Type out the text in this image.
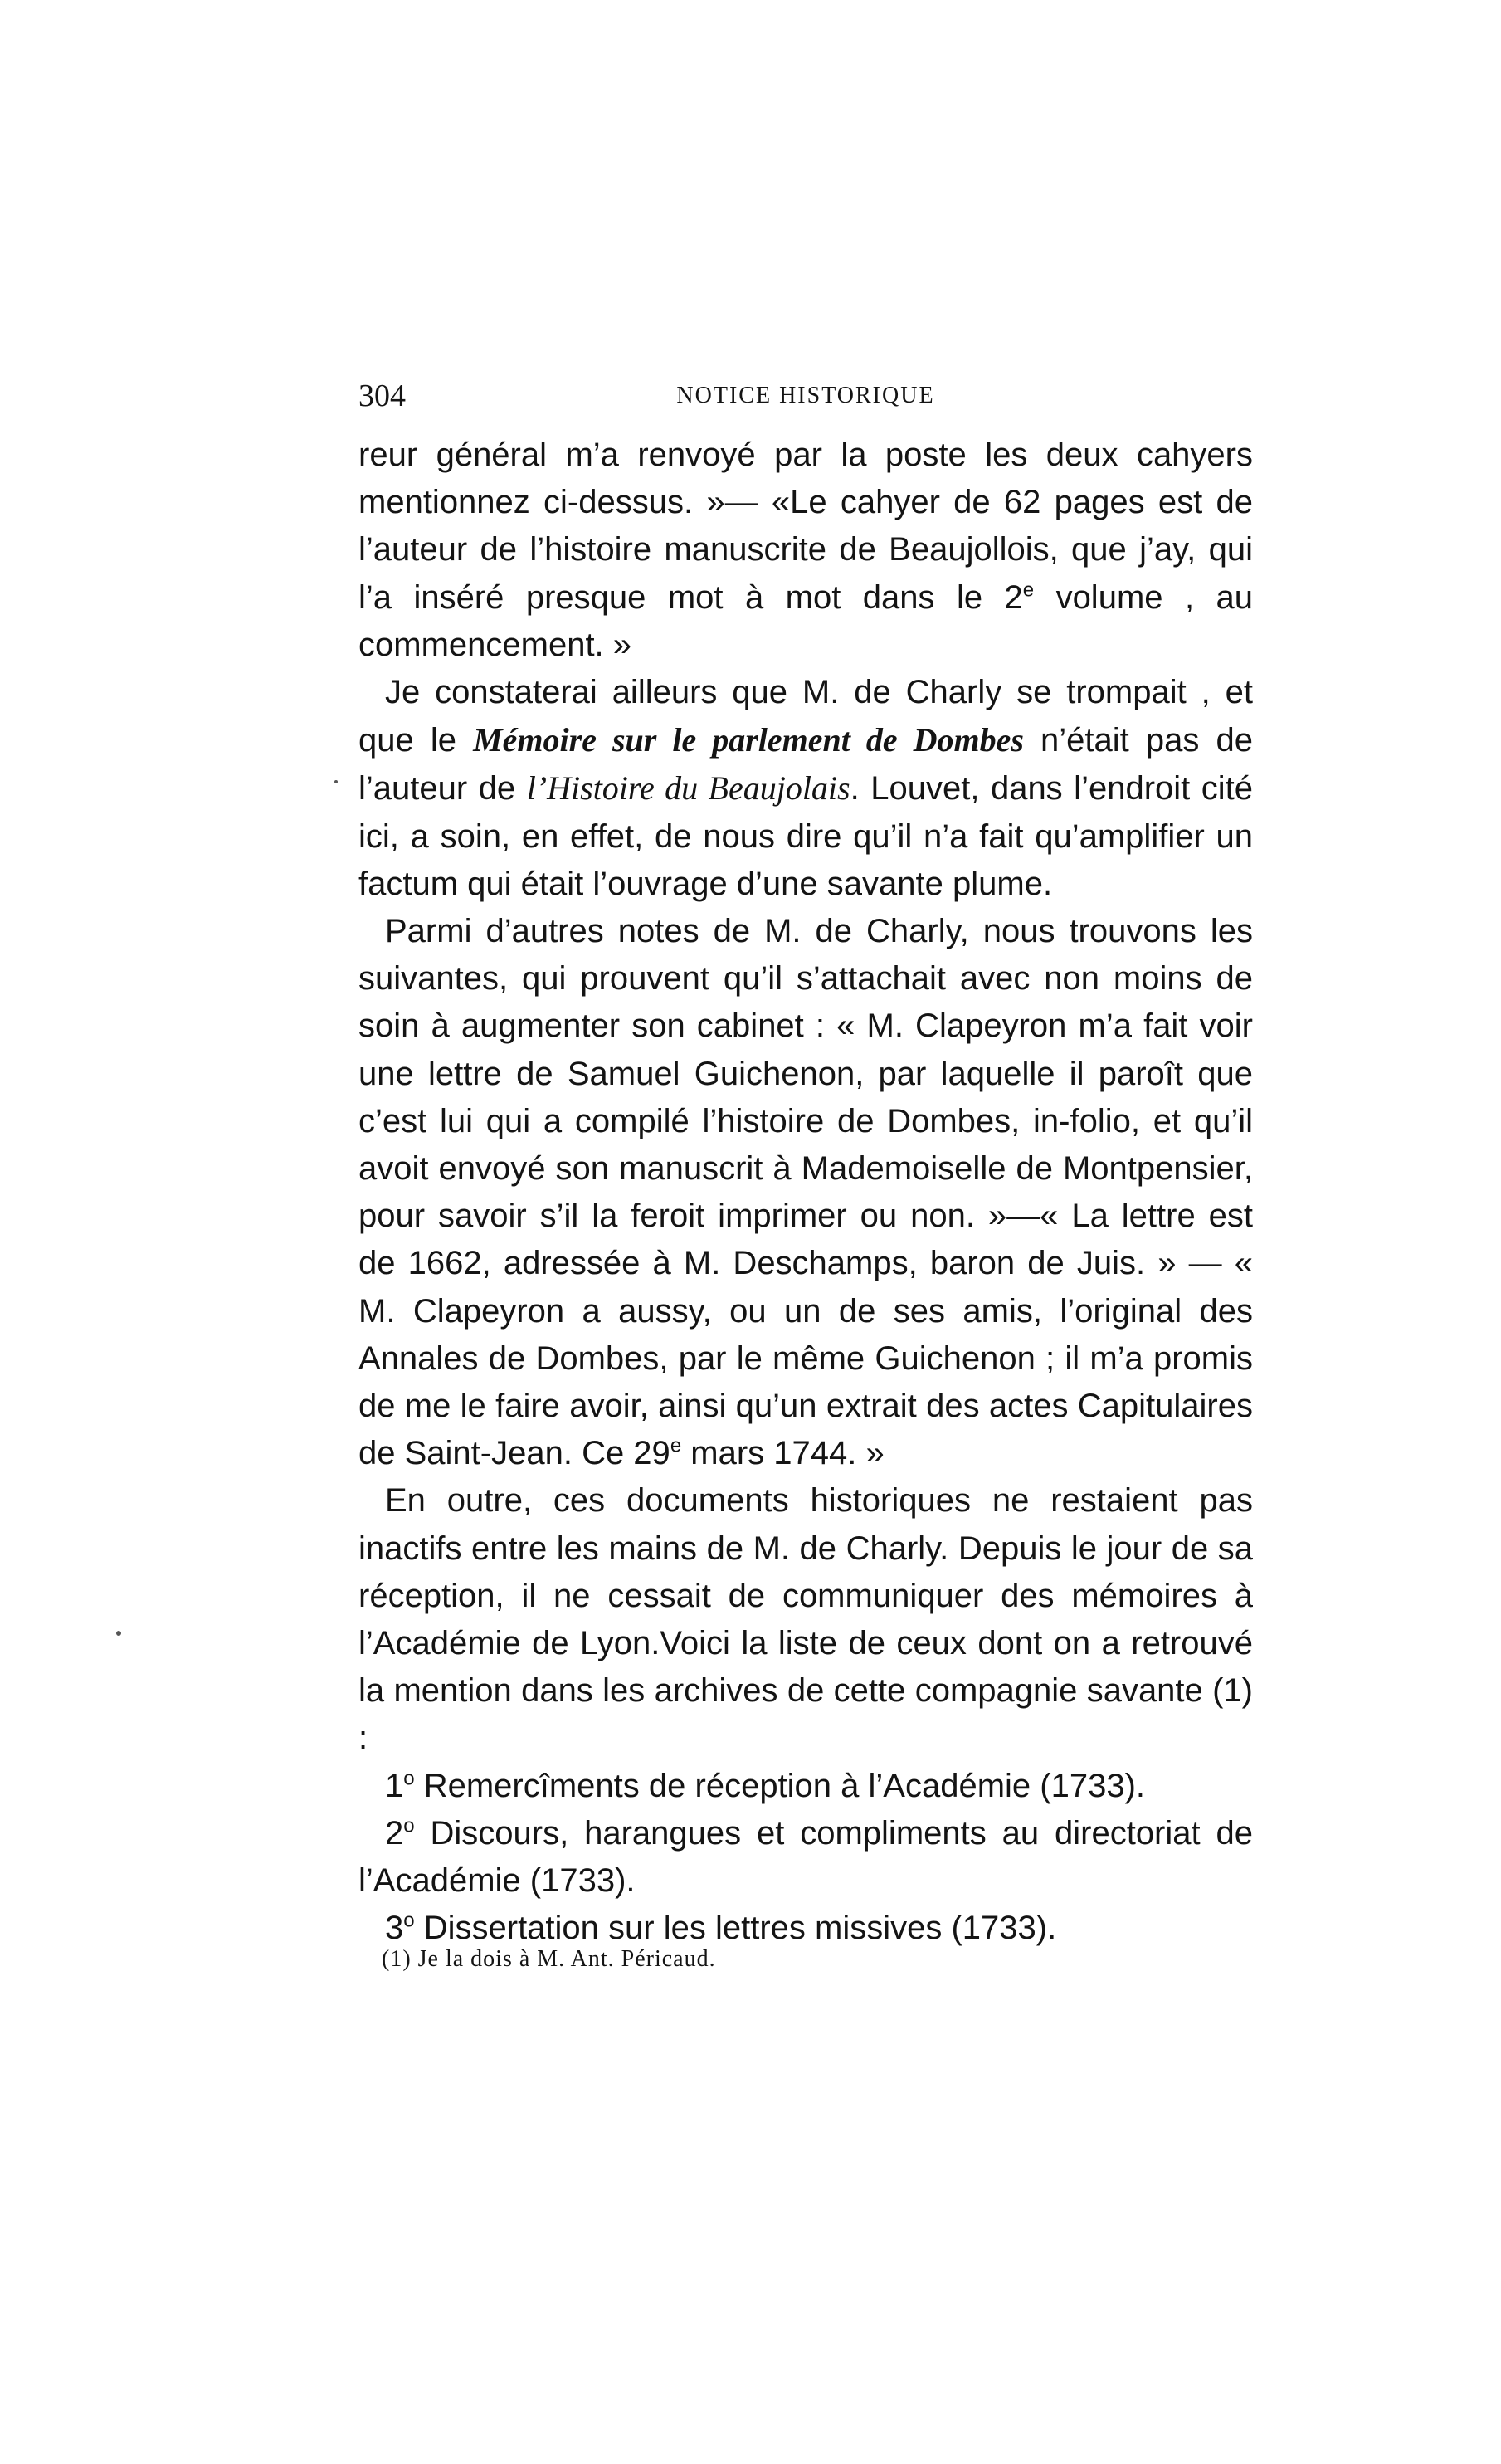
304	NOTICE HISTORIQUE

reur général m’a renvoyé par la poste les deux cahyers mentionnez ci-dessus. »— «Le cahyer de 62 pages est de l’auteur de l’histoire manuscrite de Beaujollois, que j’ay, qui l’a inséré presque mot à mot dans le 2e volume , au commencement. »

Je constaterai ailleurs que M. de Charly se trompait , et que le Mémoire sur le parlement de Dombes n’était pas de l’auteur de l’Histoire du Beaujolais. Louvet, dans l’endroit cité ici, a soin, en effet, de nous dire qu’il n’a fait qu’amplifier un factum qui était l’ouvrage d’une savante plume.

Parmi d’autres notes de M. de Charly, nous trouvons les suivantes, qui prouvent qu’il s’attachait avec non moins de soin à augmenter son cabinet : « M. Clapeyron m’a fait voir une lettre de Samuel Guichenon, par laquelle il paroît que c’est lui qui a compilé l’histoire de Dombes, in-folio, et qu’il avoit envoyé son manuscrit à Mademoiselle de Montpensier, pour savoir s’il la feroit imprimer ou non. »—« La lettre est de 1662, adressée à M. Deschamps, baron de Juis. » — « M. Clapeyron a aussy, ou un de ses amis, l’original des Annales de Dombes, par le même Guichenon ; il m’a promis de me le faire avoir, ainsi qu’un extrait des actes Capitulaires de Saint-Jean. Ce 29e mars 1744. »

En outre, ces documents historiques ne restaient pas inactifs entre les mains de M. de Charly. Depuis le jour de sa réception, il ne cessait de communiquer des mémoires à l’Académie de Lyon.Voici la liste de ceux dont on a retrouvé la mention dans les archives de cette compagnie savante (1) :

1$^o$ Remercîments de réception à l’Académie (1733).

2$^o$ Discours, harangues et compliments au directoriat de l’Académie (1733).

3$^o$ Dissertation sur les lettres missives (1733).

(1) Je la dois à M. Ant. Péricaud.
